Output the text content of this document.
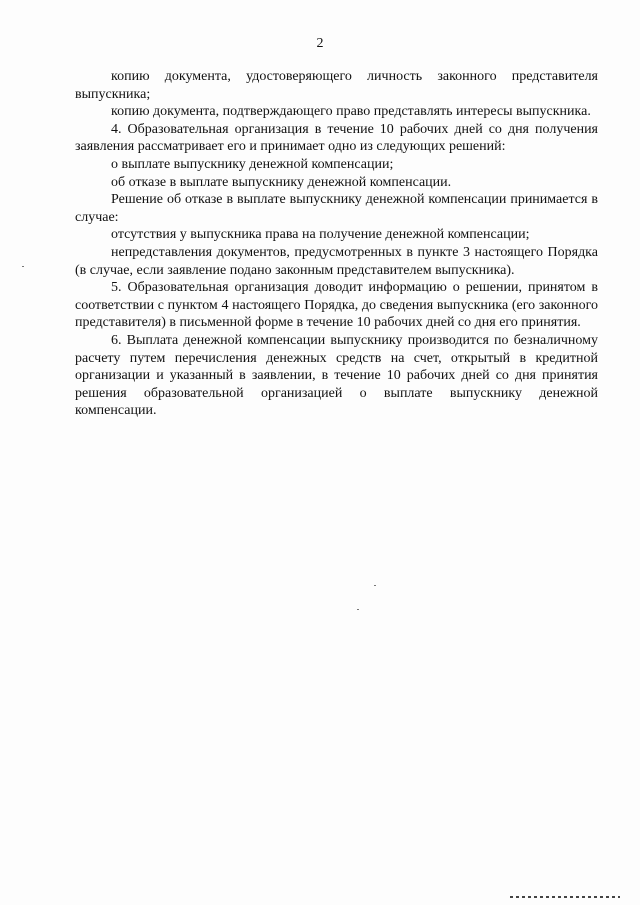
2

копию документа, удостоверяющего личность законного представителя выпускника;

копию документа, подтверждающего право представлять интересы выпускника.

4. Образовательная организация в течение 10 рабочих дней со дня получения заявления рассматривает его и принимает одно из следующих решений:

о выплате выпускнику денежной компенсации;

об отказе в выплате выпускнику денежной компенсации.

Решение об отказе в выплате выпускнику денежной компенсации принимается в случае:

отсутствия у выпускника права на получение денежной компенсации;

непредставления документов, предусмотренных в пункте 3 настоящего Порядка (в случае, если заявление подано законным представителем выпускника).

5. Образовательная организация доводит информацию о решении, принятом в соответствии с пунктом 4 настоящего Порядка, до сведения выпускника (его законного представителя) в письменной форме в течение 10 рабочих дней со дня его принятия.

6. Выплата денежной компенсации выпускнику производится по безналичному расчету путем перечисления денежных средств на счет, открытый в кредитной организации и указанный в заявлении, в течение 10 рабочих дней со дня принятия решения образовательной организацией о выплате выпускнику денежной компенсации.
